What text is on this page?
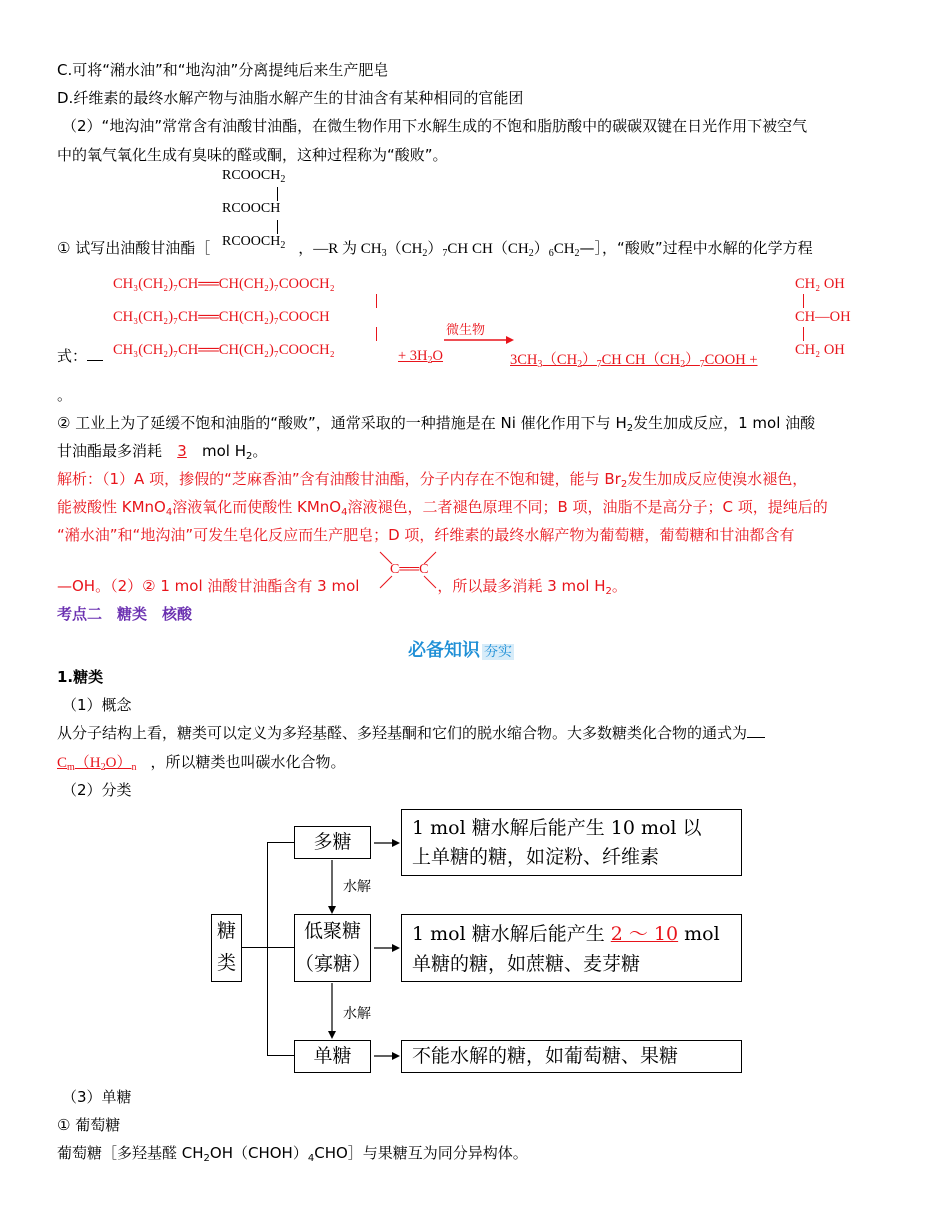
C.可将“潲水油”和“地沟油”分离提纯后来生产肥皂
D.纤维素的最终水解产物与油脂水解产生的甘油含有某种相同的官能团
（2）“地沟油”常常含有油酸甘油酯，在微生物作用下水解生成的不饱和脂肪酸中的碳碳双键在日光作用下被空气
中的氧气氧化生成有臭味的醛或酮，这种过程称为“酸败”。
$RCOOCH_2$
RCOOCH
$RCOOCH_2$
① 试写出油酸甘油酯［	，—R 为 $CH_3(CH_2)_7CH$ $CH(CH_2)_6CH_2—]$，“酸败”过程中水解的化学方程
CH₃(CH₂)₇CH══CH(CH₂)₇COOCH₂
CH₃(CH₂)₇CH══CH(CH₂)₇COOCH
CH₃(CH₂)₇CH══CH(CH₂)₇COOCH₂
式：	+ $3H_2O$
微生物
$3CH_3(CH_2)_7CH$ $CH(CH_2)_7COOH$ +
CH₂ OH
CH—OH
CH₂ OH
。
② 工业上为了延缓不饱和油脂的“酸败”，通常采取的一种措施是在 Ni 催化作用下与 $H_2$发生加成反应，1 mol 油酸
甘油酯最多消耗 3 mol $H_2$。
解析：（1）A 项，掺假的“芝麻香油”含有油酸甘油酯，分子内存在不饱和键，能与 $Br_2$发生加成反应使溴水褪色，
能被酸性 KMnO$_4$溶液氧化而使酸性 KMnO$_4$溶液褪色，二者褪色原理不同；B 项，油脂不是高分子；C 项，提纯后的
“潲水油”和“地沟油”可发生皂化反应而生产肥皂；D 项，纤维素的最终水解产物为葡萄糖，葡萄糖和甘油都含有
—OH。（2）② 1 mol 油酸甘油酯含有 3 mol	，所以最多消耗 3 mol $H_2$。
C══C
考点二　糖类　核酸
必备知识 夯实
1.糖类
（1）概念
从分子结构上看，糖类可以定义为多羟基醛、多羟基酮和它们的脱水缩合物。大多数糖类化合物的通式为
$C_m(H_2O)_n$ ，所以糖类也叫碳水化合物。
（2）分类
糖
类
多糖
低聚糖
（寡糖）
单糖
水解
水解
1 mol 糖水解后能产生 10 mol 以
上单糖的糖，如淀粉、纤维素
1 mol 糖水解后能产生 2 ～ 10 mol
单糖的糖，如蔗糖、麦芽糖
不能水解的糖，如葡萄糖、果糖
（3）单糖
① 葡萄糖
葡萄糖［多羟基醛 $CH_2OH(CHOH)_4CHO]$与果糖互为同分异构体。
